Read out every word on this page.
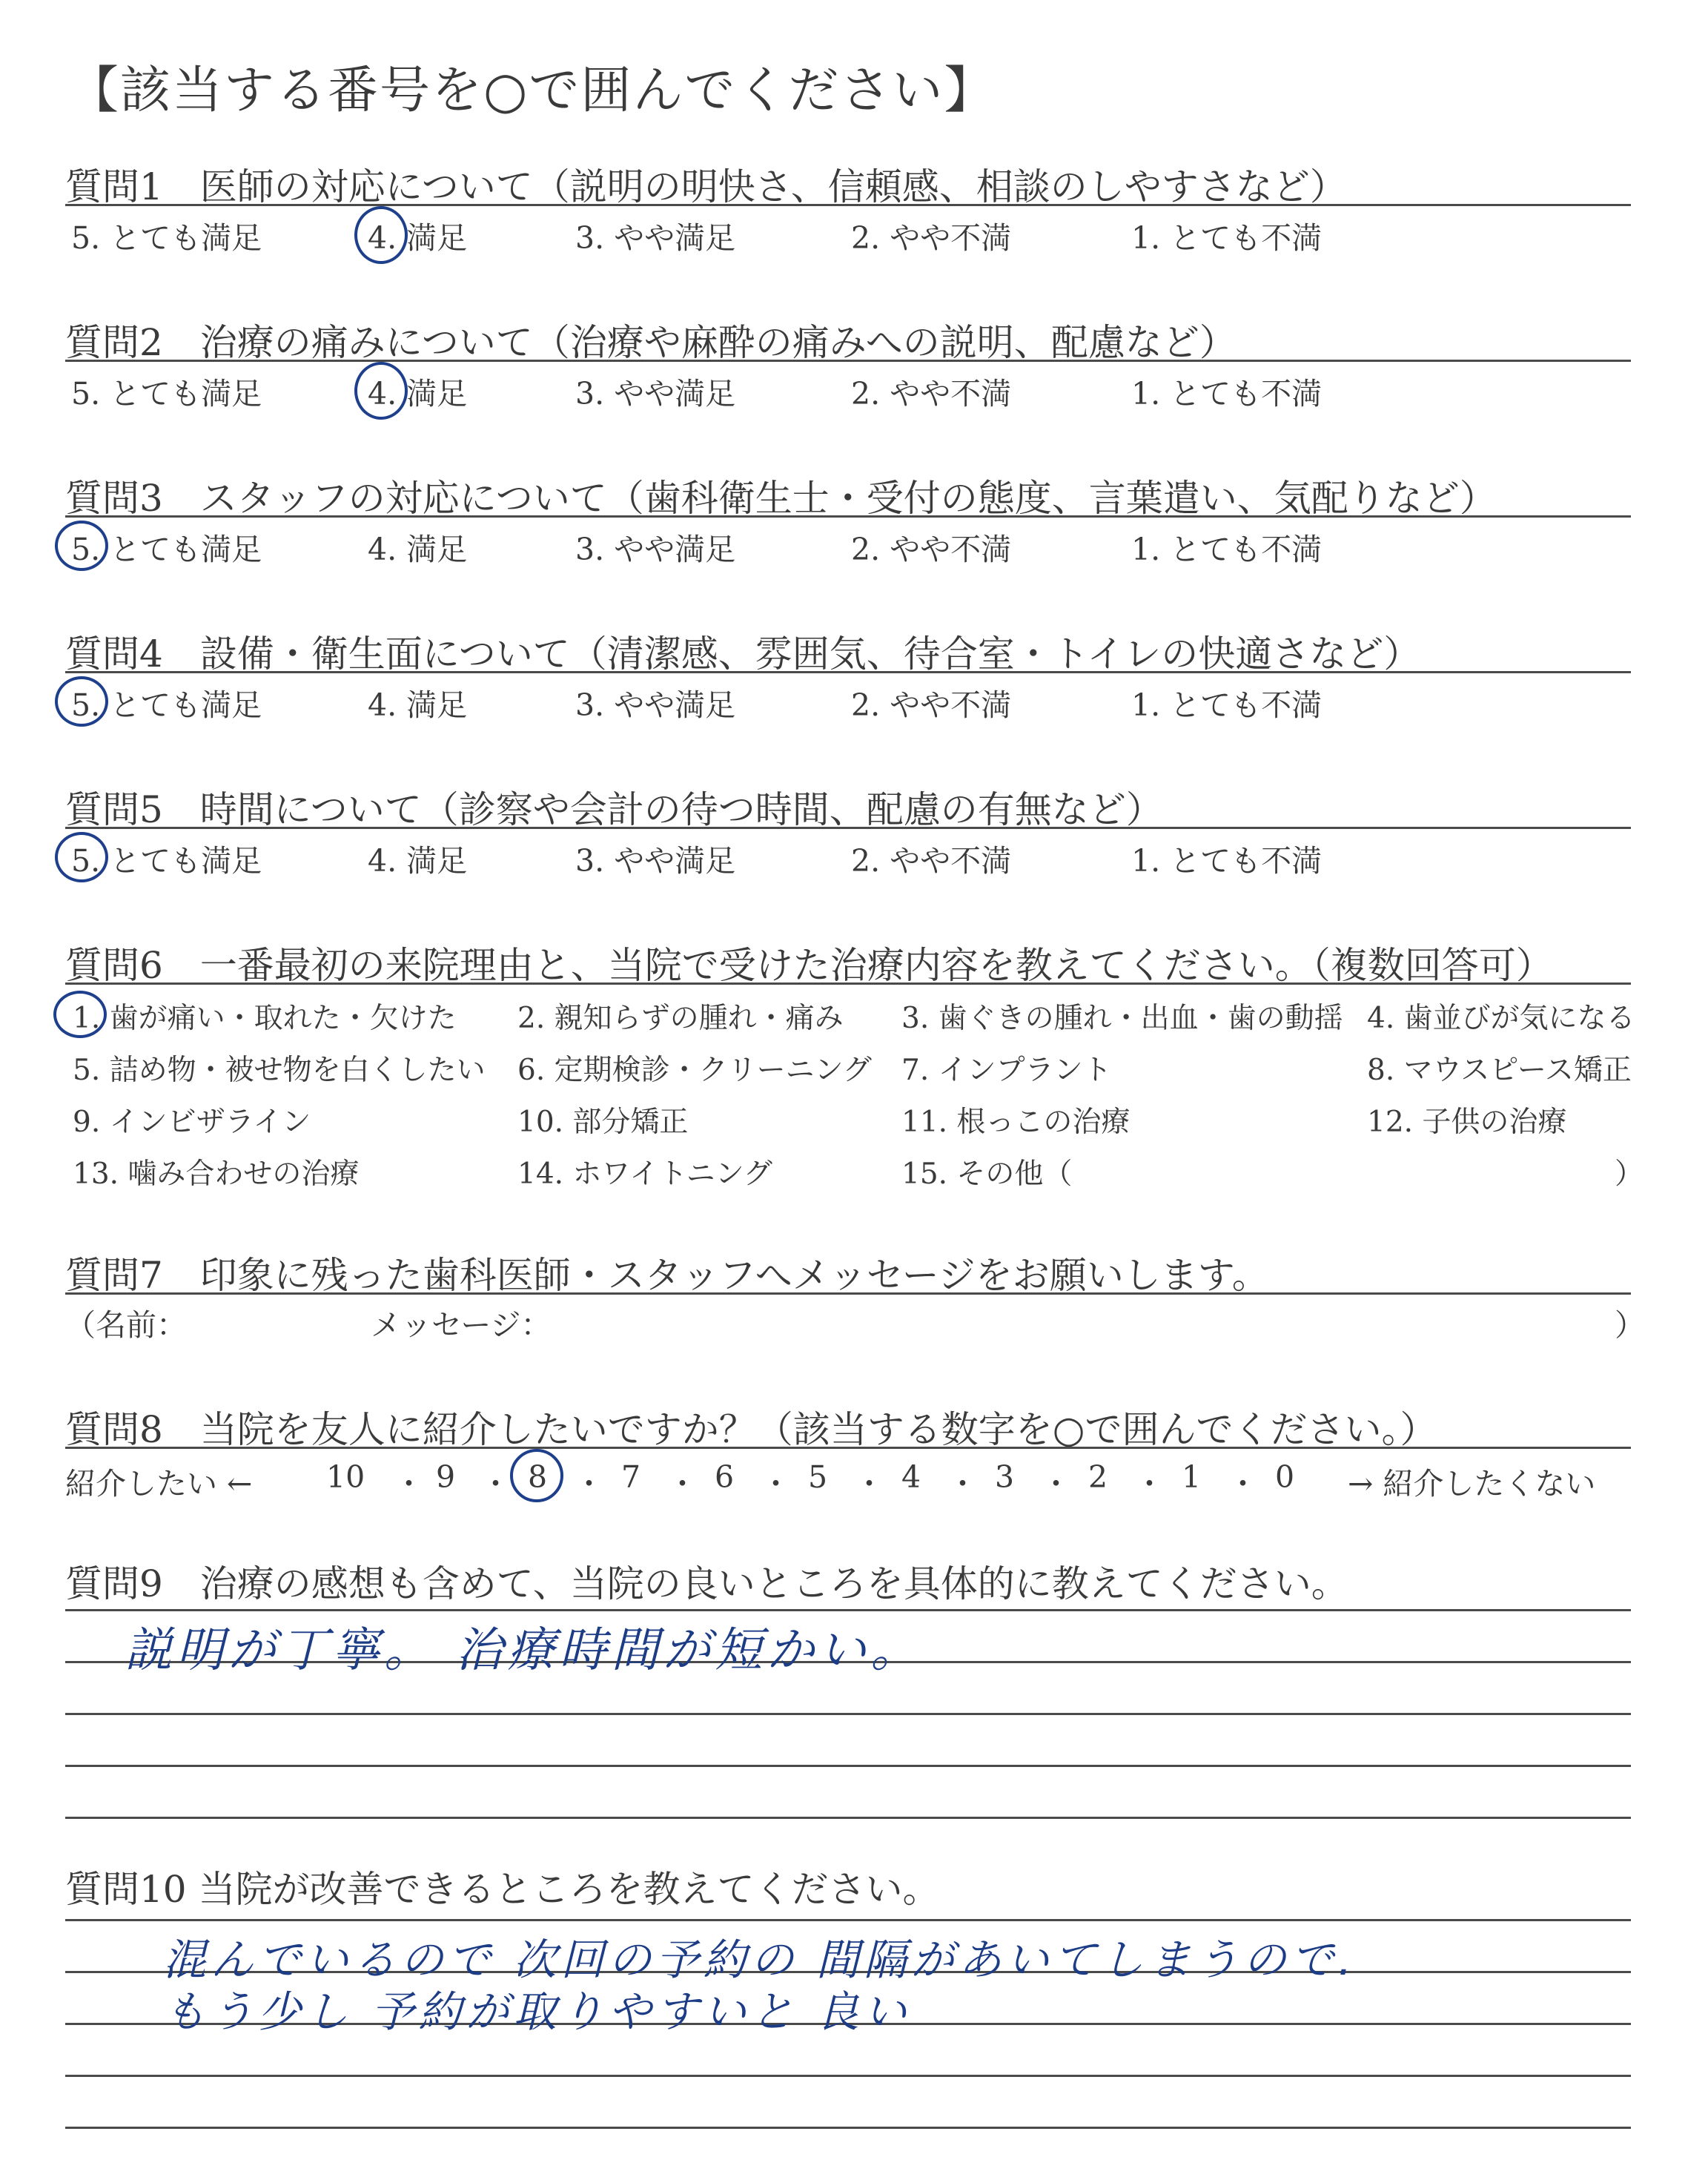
【該当する番号を○で囲んでください】
質問1　医師の対応について（説明の明快さ、信頼感、相談のしやすさなど）
5. とても満足	4. 満足	3. やや満足	2. やや不満	1. とても不満
質問2　治療の痛みについて（治療や麻酔の痛みへの説明、配慮など）
5. とても満足	4. 満足	3. やや満足	2. やや不満	1. とても不満
質問3　スタッフの対応について（歯科衛生士・受付の態度、言葉遣い、気配りなど）
5. とても満足	4. 満足	3. やや満足	2. やや不満	1. とても不満
質問4　設備・衛生面について（清潔感、雰囲気、待合室・トイレの快適さなど）
5. とても満足	4. 満足	3. やや満足	2. やや不満	1. とても不満
質問5　時間について（診察や会計の待つ時間、配慮の有無など）
5. とても満足	4. 満足	3. やや満足	2. やや不満	1. とても不満
質問6　一番最初の来院理由と、当院で受けた治療内容を教えてください。（複数回答可）
1. 歯が痛い・取れた・欠けた 2. 親知らずの腫れ・痛み 3. 歯ぐきの腫れ・出血・歯の動揺 4. 歯並びが気になる
5. 詰め物・被せ物を白くしたい 6. 定期検診・クリーニング 7. インプラント	8. マウスピース矯正
9. インビザライン	10. 部分矯正	11. 根っこの治療	12. 子供の治療
13. 噛み合わせの治療	14. ホワイトニング	15. その他（	）
質問7　印象に残った歯科医師・スタッフへメッセージをお願いします。
（名前：	メッセージ：	）
質問8　当院を友人に紹介したいですか？（該当する数字を○で囲んでください。）
紹介したい ←	→ 紹介したくない
10 ・ 9 ・ 8 ・ 7 ・ 6 ・ 5 ・ 4 ・ 3 ・ 2 ・ 1 ・ 0
質問9　治療の感想も含めて、当院の良いところを具体的に教えてください。
説明が丁寧。 治療時間が短かい。
質問10 当院が改善できるところを教えてください。
混んでいるので 次回の予約の 間隔があいてしまうので.
もう少し 予約が取りやすいと 良い
